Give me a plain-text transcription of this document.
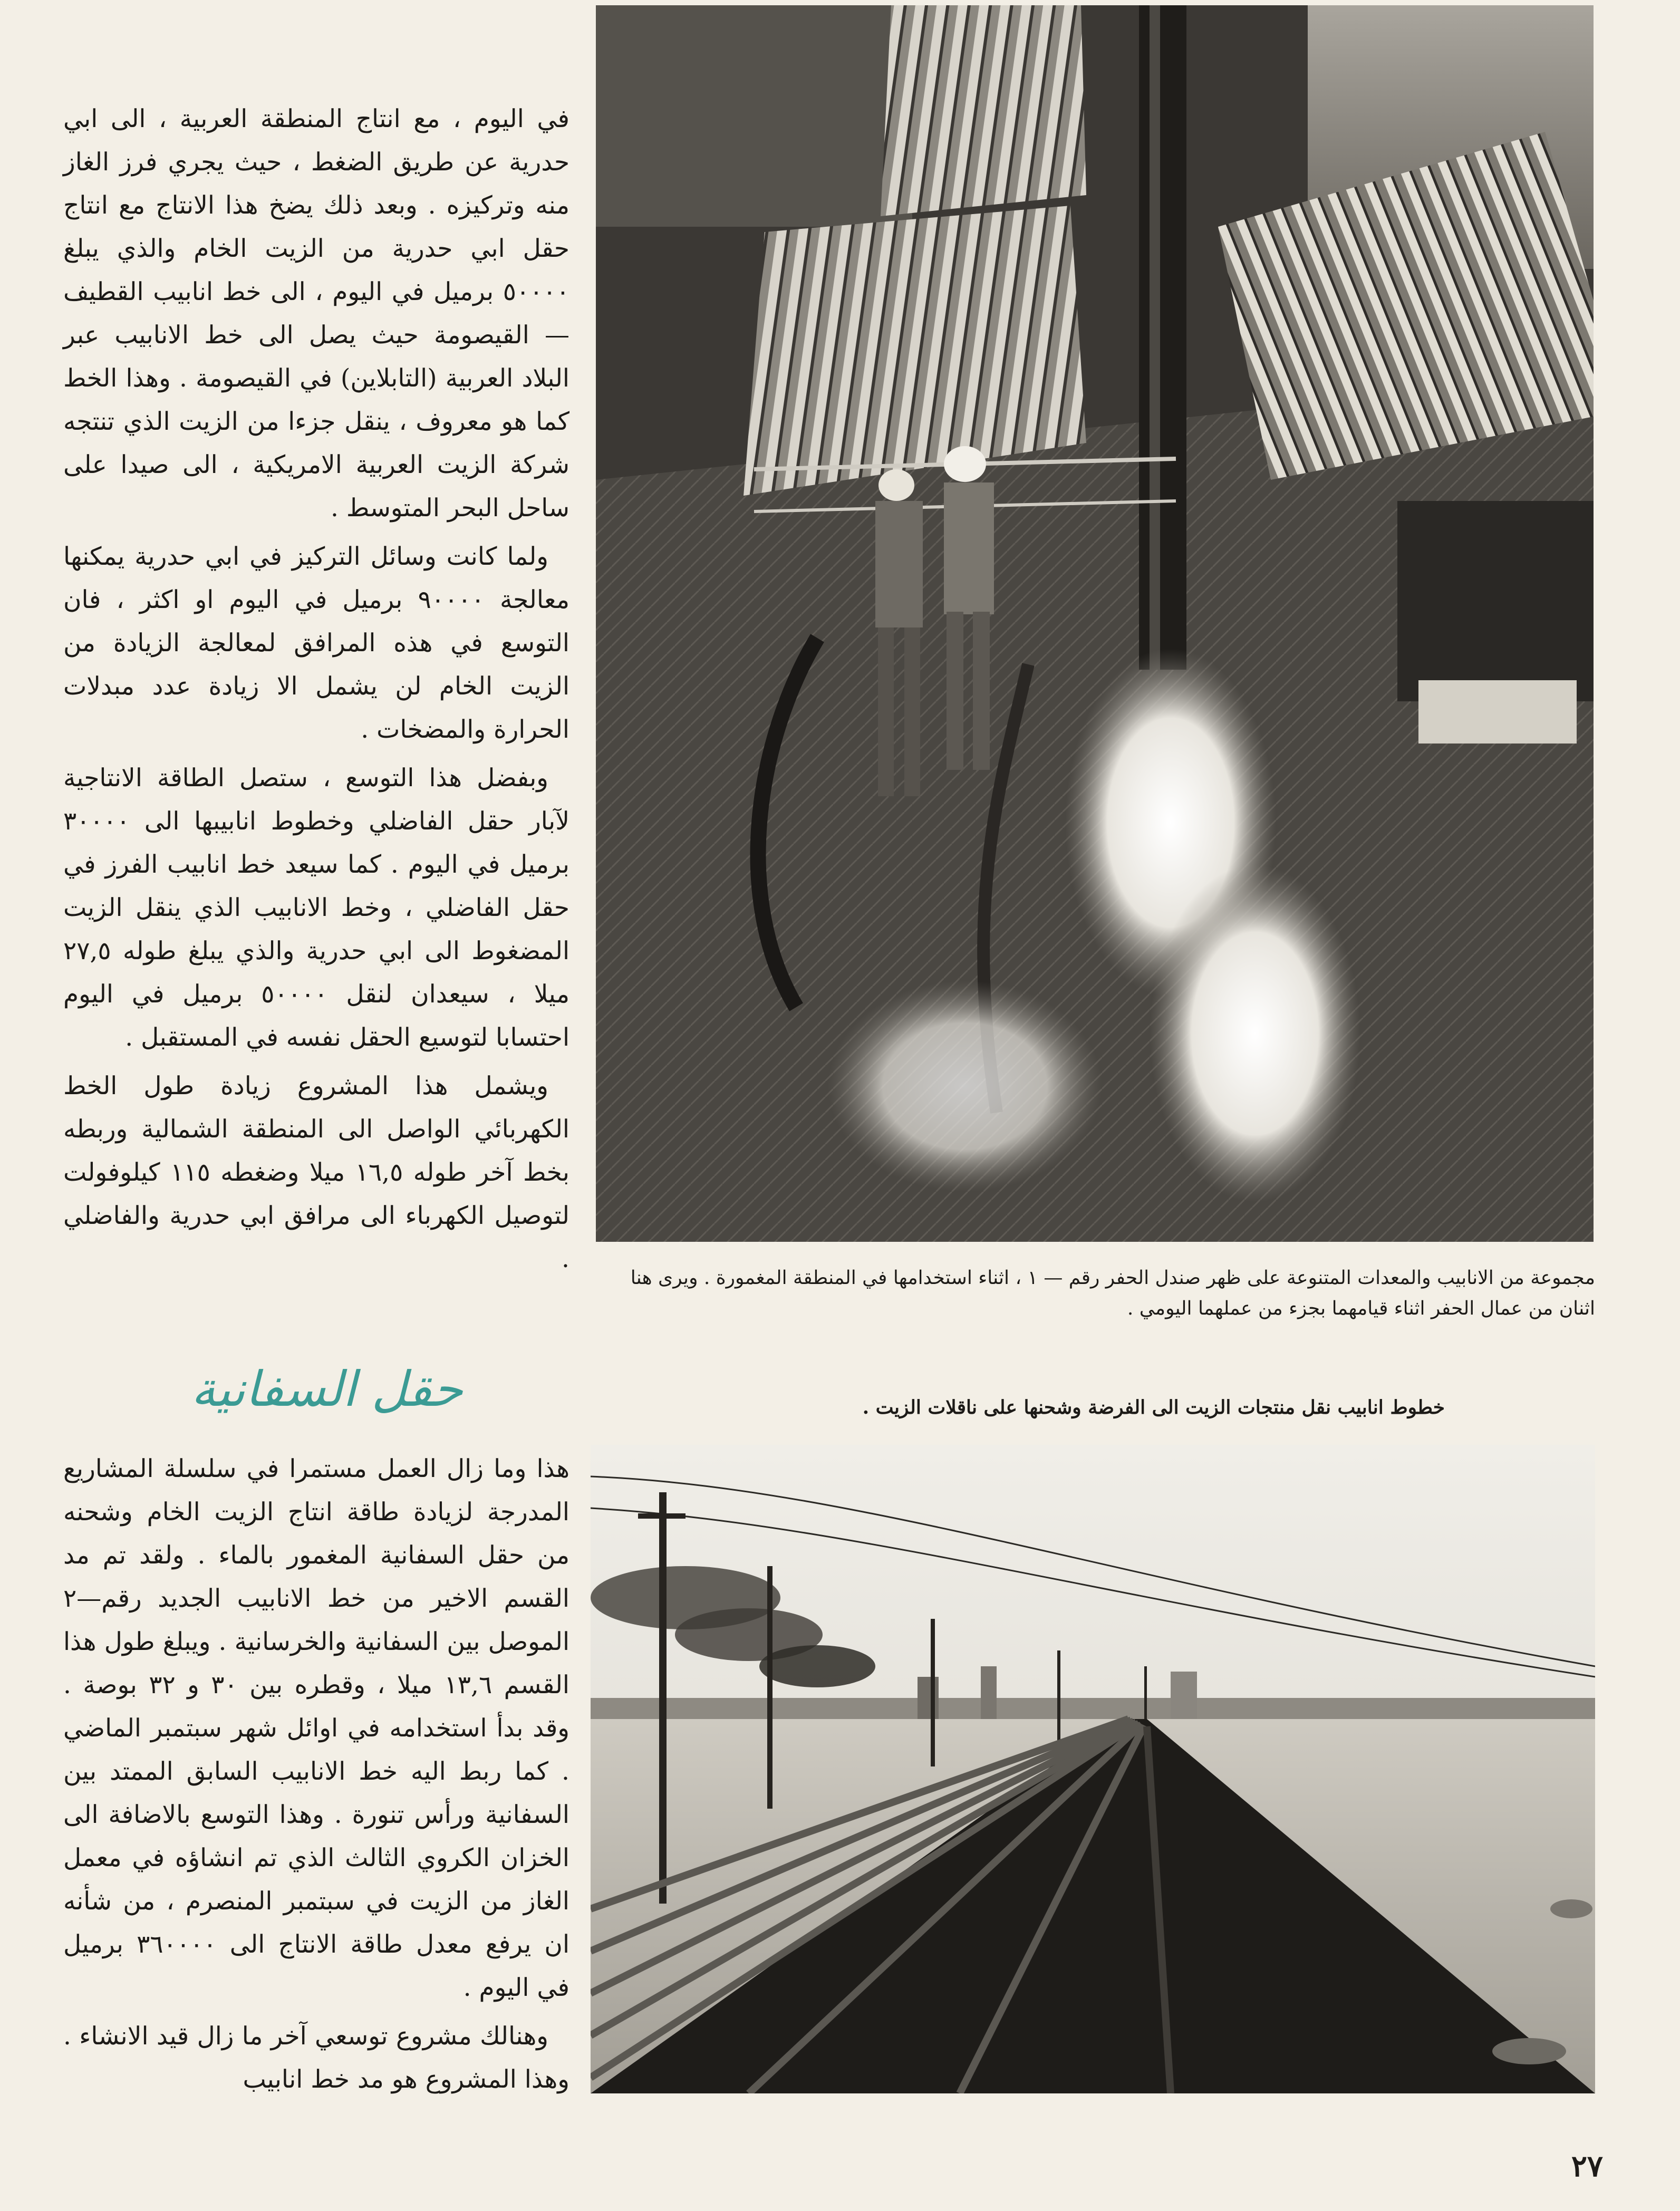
مجموعة من الانابيب والمعدات المتنوعة على ظهر صندل الحفر رقم — ١ ، اثناء استخدامها في المنطقة المغمورة . ويرى هنا اثنان من عمال الحفر اثناء قيامهما بجزء من عملهما اليومي .
خطوط انابيب نقل منتجات الزيت الى الفرضة وشحنها على ناقلات الزيت .

في اليوم ، مع انتاج المنطقة العربية ، الى ابي حدرية عن طريق الضغط ، حيث يجري فرز الغاز منه وتركيزه . وبعد ذلك يضخ هذا الانتاج مع انتاج حقل ابي حدرية من الزيت الخام والذي يبلغ ٥٠٠٠٠ برميل في اليوم ، الى خط انابيب القطيف — القيصومة حيث يصل الى خط الانابيب عبر البلاد العربية (التابلاين) في القيصومة . وهذا الخط كما هو معروف ، ينقل جزءا من الزيت الذي تنتجه شركة الزيت العربية الامريكية ، الى صيدا على ساحل البحر المتوسط .

ولما كانت وسائل التركيز في ابي حدرية يمكنها معالجة ٩٠٠٠٠ برميل في اليوم او اكثر ، فان التوسع في هذه المرافق لمعالجة الزيادة من الزيت الخام لن يشمل الا زيادة عدد مبدلات الحرارة والمضخات .

وبفضل هذا التوسع ، ستصل الطاقة الانتاجية لآبار حقل الفاضلي وخطوط انابيبها الى ٣٠٠٠٠ برميل في اليوم . كما سيعد خط انابيب الفرز في حقل الفاضلي ، وخط الانابيب الذي ينقل الزيت المضغوط الى ابي حدرية والذي يبلغ طوله ٢٧,٥ ميلا ، سيعدان لنقل ٥٠٠٠٠ برميل في اليوم احتسابا لتوسيع الحقل نفسه في المستقبل .

ويشمل هذا المشروع زيادة طول الخط الكهربائي الواصل الى المنطقة الشمالية وربطه بخط آخر طوله ١٦,٥ ميلا وضغطه ١١٥ كيلوفولت لتوصيل الكهرباء الى مرافق ابي حدرية والفاضلي .

حقل السفانية

هذا وما زال العمل مستمرا في سلسلة المشاريع المدرجة لزيادة طاقة انتاج الزيت الخام وشحنه من حقل السفانية المغمور بالماء . ولقد تم مد القسم الاخير من خط الانابيب الجديد رقم—٢ الموصل بين السفانية والخرسانية . ويبلغ طول هذا القسم ١٣,٦ ميلا ، وقطره بين ٣٠ و ٣٢ بوصة . وقد بدأ استخدامه في اوائل شهر سبتمبر الماضي . كما ربط اليه خط الانابيب السابق الممتد بين السفانية ورأس تنورة . وهذا التوسع بالاضافة الى الخزان الكروي الثالث الذي تم انشاؤه في معمل الغاز من الزيت في سبتمبر المنصرم ، من شأنه ان يرفع معدل طاقة الانتاج الى ٣٦٠٠٠٠ برميل في اليوم .

وهنالك مشروع توسعي آخر ما زال قيد الانشاء . وهذا المشروع هو مد خط انابيب

٢٧
